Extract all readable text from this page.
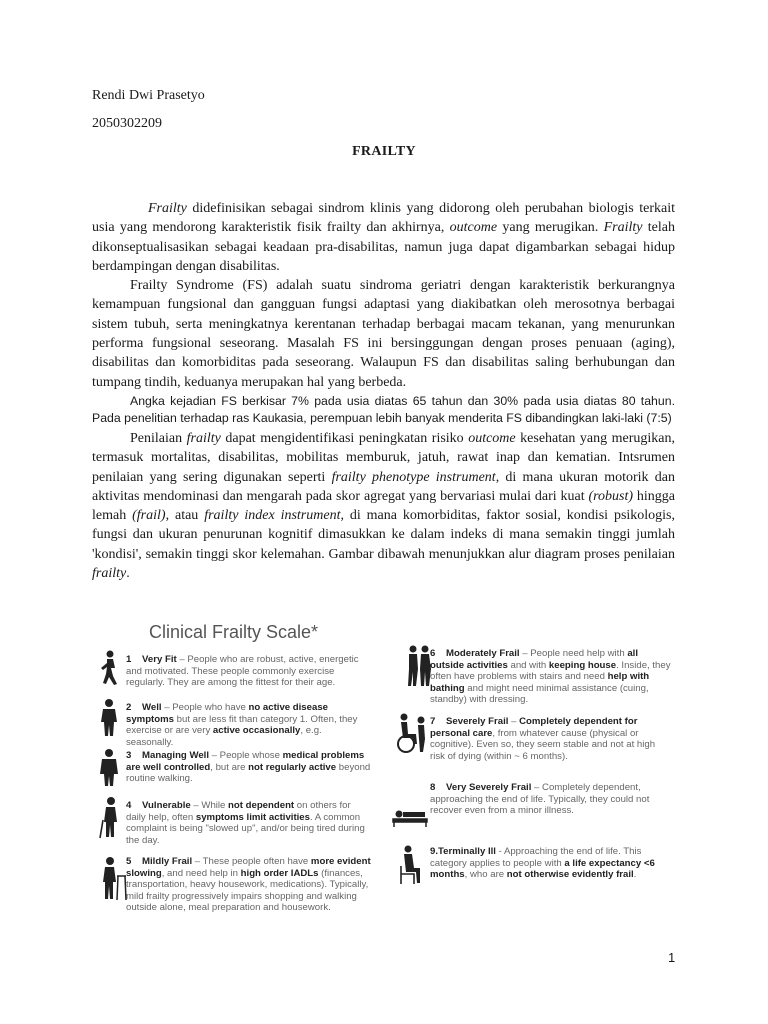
Rendi Dwi Prasetyo
2050302209
FRAILTY

Frailty didefinisikan sebagai sindrom klinis yang didorong oleh perubahan biologis terkait usia yang mendorong karakteristik fisik frailty dan akhirnya, outcome yang merugikan. Frailty telah dikonseptualisasikan sebagai keadaan pra-disabilitas, namun juga dapat digambarkan sebagai hidup berdampingan dengan disabilitas.

Frailty Syndrome (FS) adalah suatu sindroma geriatri dengan karakteristik berkurangnya kemampuan fungsional dan gangguan fungsi adaptasi yang diakibatkan oleh merosotnya berbagai sistem tubuh, serta meningkatnya kerentanan terhadap berbagai macam tekanan, yang menurunkan performa fungsional seseorang. Masalah FS ini bersinggungan dengan proses penuaan (aging), disabilitas dan komorbiditas pada seseorang. Walaupun FS dan disabilitas saling berhubungan dan tumpang tindih, keduanya merupakan hal yang berbeda.

Angka kejadian FS berkisar 7% pada usia diatas 65 tahun dan 30% pada usia diatas 80 tahun. Pada penelitian terhadap ras Kaukasia, perempuan lebih banyak menderita FS dibandingkan laki-laki (7:5)

Penilaian frailty dapat mengidentifikasi peningkatan risiko outcome kesehatan yang merugikan, termasuk mortalitas, disabilitas, mobilitas memburuk, jatuh, rawat inap dan kematian. Intsrumen penilaian yang sering digunakan seperti frailty phenotype instrument, di mana ukuran motorik dan aktivitas mendominasi dan mengarah pada skor agregat yang bervariasi mulai dari kuat (robust) hingga lemah (frail), atau frailty index instrument, di mana komorbiditas, faktor sosial, kondisi psikologis, fungsi dan ukuran penurunan kognitif dimasukkan ke dalam indeks di mana semakin tinggi jumlah 'kondisi', semakin tinggi skor kelemahan. Gambar dibawah menunjukkan alur diagram proses penilaian frailty.

Clinical Frailty Scale*
1 Very Fit – People who are robust, active, energetic and motivated. These people commonly exercise regularly. They are among the fittest for their age.
2 Well – People who have no active disease symptoms but are less fit than category 1. Often, they exercise or are very active occasionally, e.g. seasonally.
3 Managing Well – People whose medical problems are well controlled, but are not regularly active beyond routine walking.
4 Vulnerable – While not dependent on others for daily help, often symptoms limit activities. A common complaint is being "slowed up", and/or being tired during the day.
5 Mildly Frail – These people often have more evident slowing, and need help in high order IADLs (finances, transportation, heavy housework, medications). Typically, mild frailty progressively impairs shopping and walking outside alone, meal preparation and housework.
6 Moderately Frail – People need help with all outside activities and with keeping house. Inside, they often have problems with stairs and need help with bathing and might need minimal assistance (cuing, standby) with dressing.
7 Severely Frail – Completely dependent for personal care, from whatever cause (physical or cognitive). Even so, they seem stable and not at high risk of dying (within ~ 6 months).
8 Very Severely Frail – Completely dependent, approaching the end of life. Typically, they could not recover even from a minor illness.
9.Terminally Ill - Approaching the end of life. This category applies to people with a life expectancy <6 months, who are not otherwise evidently frail.
1
